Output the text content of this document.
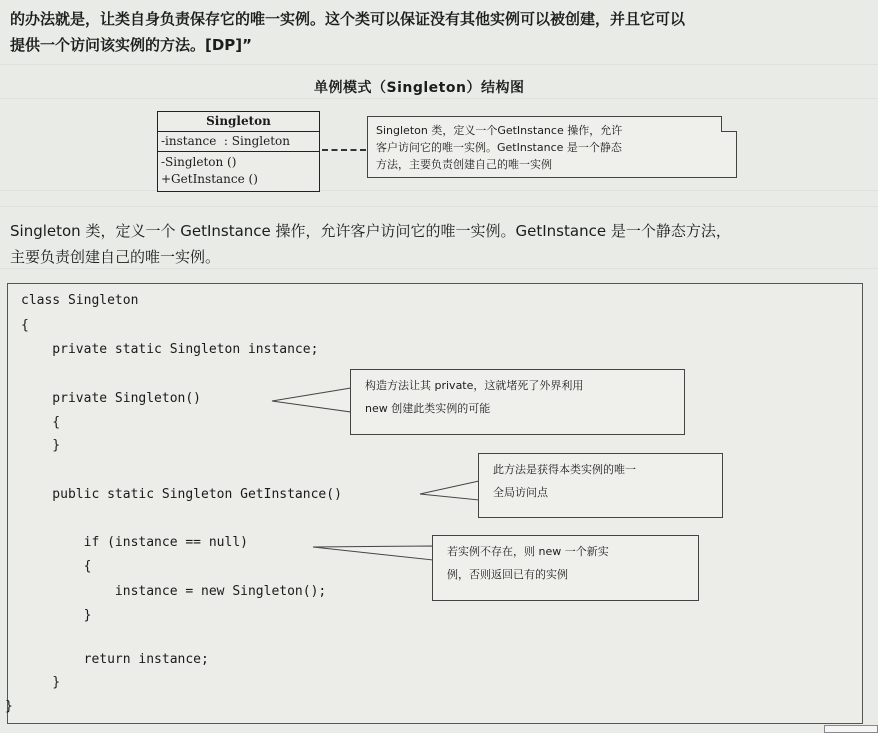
的办法就是，让类自身负责保存它的唯一实例。这个类可以保证没有其他实例可以被创建，并且它可以
提供一个访问该实例的方法。[DP]”
单例模式（Singleton）结构图
Singleton
-instance  : Singleton
-Singleton ()
+GetInstance ()
Singleton 类，定义一个GetInstance 操作，允许
客户访问它的唯一实例。GetInstance 是一个静态
方法，主要负责创建自己的唯一实例
Singleton 类，定义一个 GetInstance 操作，允许客户访问它的唯一实例。GetInstance 是一个静态方法，
主要负责创建自己的唯一实例。
class Singleton
{
private static Singleton instance;
private Singleton()
{
}
public static Singleton GetInstance()
if (instance == null)
{
instance = new Singleton();
}
return instance;
}
}
构造方法让其 private，这就堵死了外界利用
new 创建此类实例的可能
此方法是获得本类实例的唯一
全局访问点
若实例不存在，则 new 一个新实
例，否则返回已有的实例
